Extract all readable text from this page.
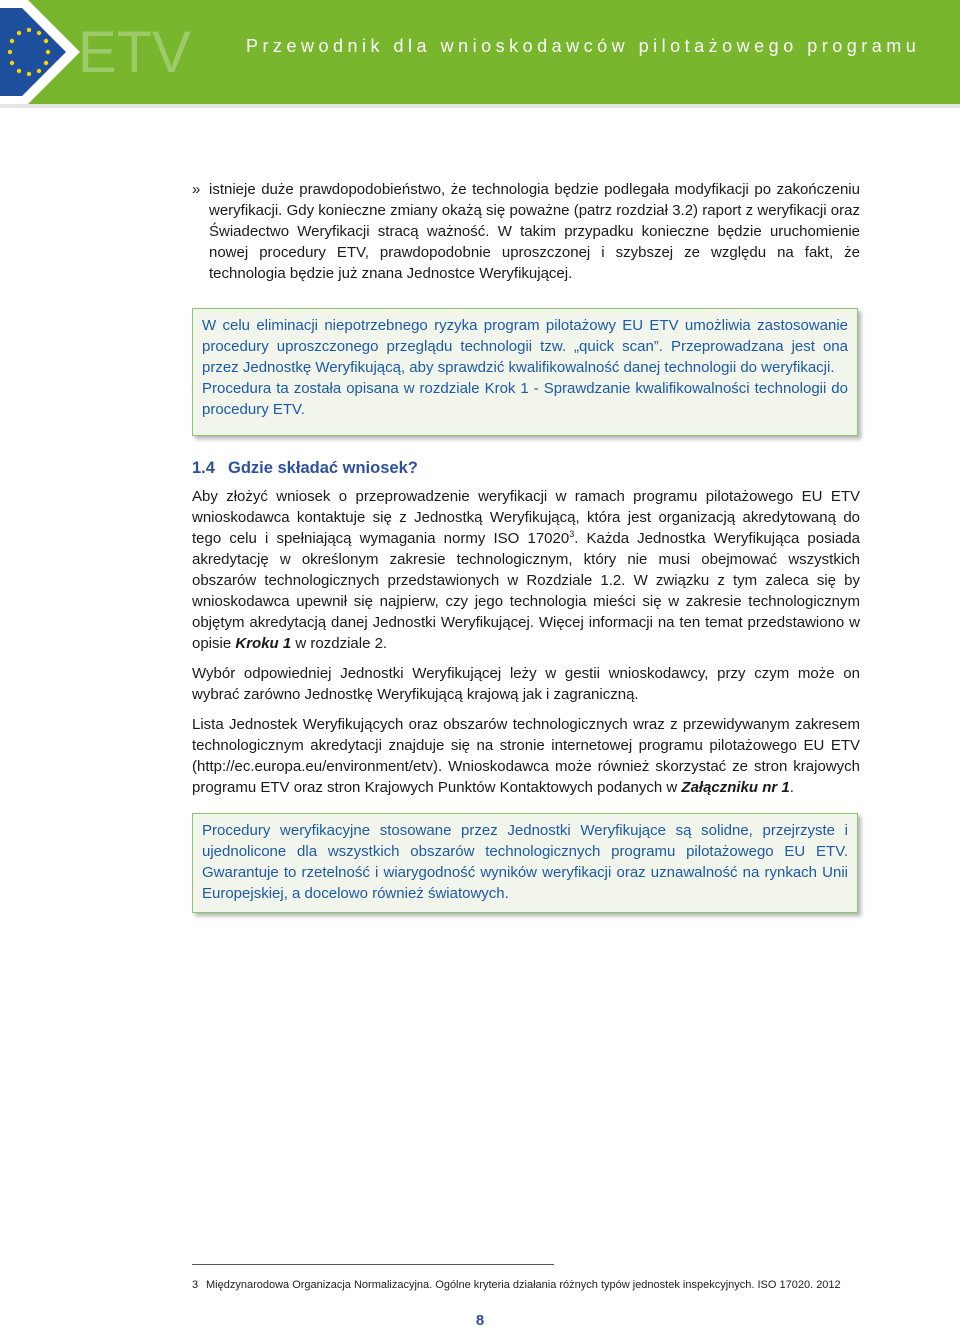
ETV	Przewodnik dla wnioskodawców pilotażowego programu

» istnieje duże prawdopodobieństwo, że technologia będzie podlegała modyfikacji po zakończeniu weryfikacji. Gdy konieczne zmiany okażą się poważne (patrz rozdział 3.2) raport z weryfikacji oraz Świadectwo Weryfikacji stracą ważność. W takim przypadku konieczne będzie uruchomienie nowej procedury ETV, prawdopodobnie uproszczonej i szybszej ze względu na fakt, że technologia będzie już znana Jednostce Weryfikującej.

W celu eliminacji niepotrzebnego ryzyka program pilotażowy EU ETV umożliwia zastosowanie procedury uproszczonego przeglądu technologii tzw. „quick scan”. Przeprowadzana jest ona przez Jednostkę Weryfikującą, aby sprawdzić kwalifikowalność danej technologii do weryfikacji.

Procedura ta została opisana w rozdziale Krok 1 - Sprawdzanie kwalifikowalności technologii do procedury ETV.

1.4 Gdzie składać wniosek?

Aby złożyć wniosek o przeprowadzenie weryfikacji w ramach programu pilotażowego EU ETV wnioskodawca kontaktuje się z Jednostką Weryfikującą, która jest organizacją akredytowaną do tego celu i spełniającą wymagania normy ISO 17020$^3$. Każda Jednostka Weryfikująca posiada akredytację w określonym zakresie technologicznym, który nie musi obejmować wszystkich obszarów technologicznych przedstawionych w Rozdziale 1.2. W związku z tym zaleca się by wnioskodawca upewnił się najpierw, czy jego technologia mieści się w zakresie technologicznym objętym akredytacją danej Jednostki Weryfikującej. Więcej informacji na ten temat przedstawiono w opisie Kroku 1 w rozdziale 2.

Wybór odpowiedniej Jednostki Weryfikującej leży w gestii wnioskodawcy, przy czym może on wybrać zarówno Jednostkę Weryfikującą krajową jak i zagraniczną.

Lista Jednostek Weryfikujących oraz obszarów technologicznych wraz z przewidywanym zakresem technologicznym akredytacji znajduje się na stronie internetowej programu pilotażowego EU ETV (http://ec.europa.eu/environment/etv). Wnioskodawca może również skorzystać ze stron krajowych programu ETV oraz stron Krajowych Punktów Kontaktowych podanych w Załączniku nr 1.

Procedury weryfikacyjne stosowane przez Jednostki Weryfikujące są solidne, przejrzyste i ujednolicone dla wszystkich obszarów technologicznych programu pilotażowego EU ETV. Gwarantuje to rzetelność i wiarygodność wyników weryfikacji oraz uznawalność na rynkach Unii Europejskiej, a docelowo również światowych.

3 Międzynarodowa Organizacja Normalizacyjna. Ogólne kryteria działania różnych typów jednostek inspekcyjnych. ISO 17020. 2012
8
